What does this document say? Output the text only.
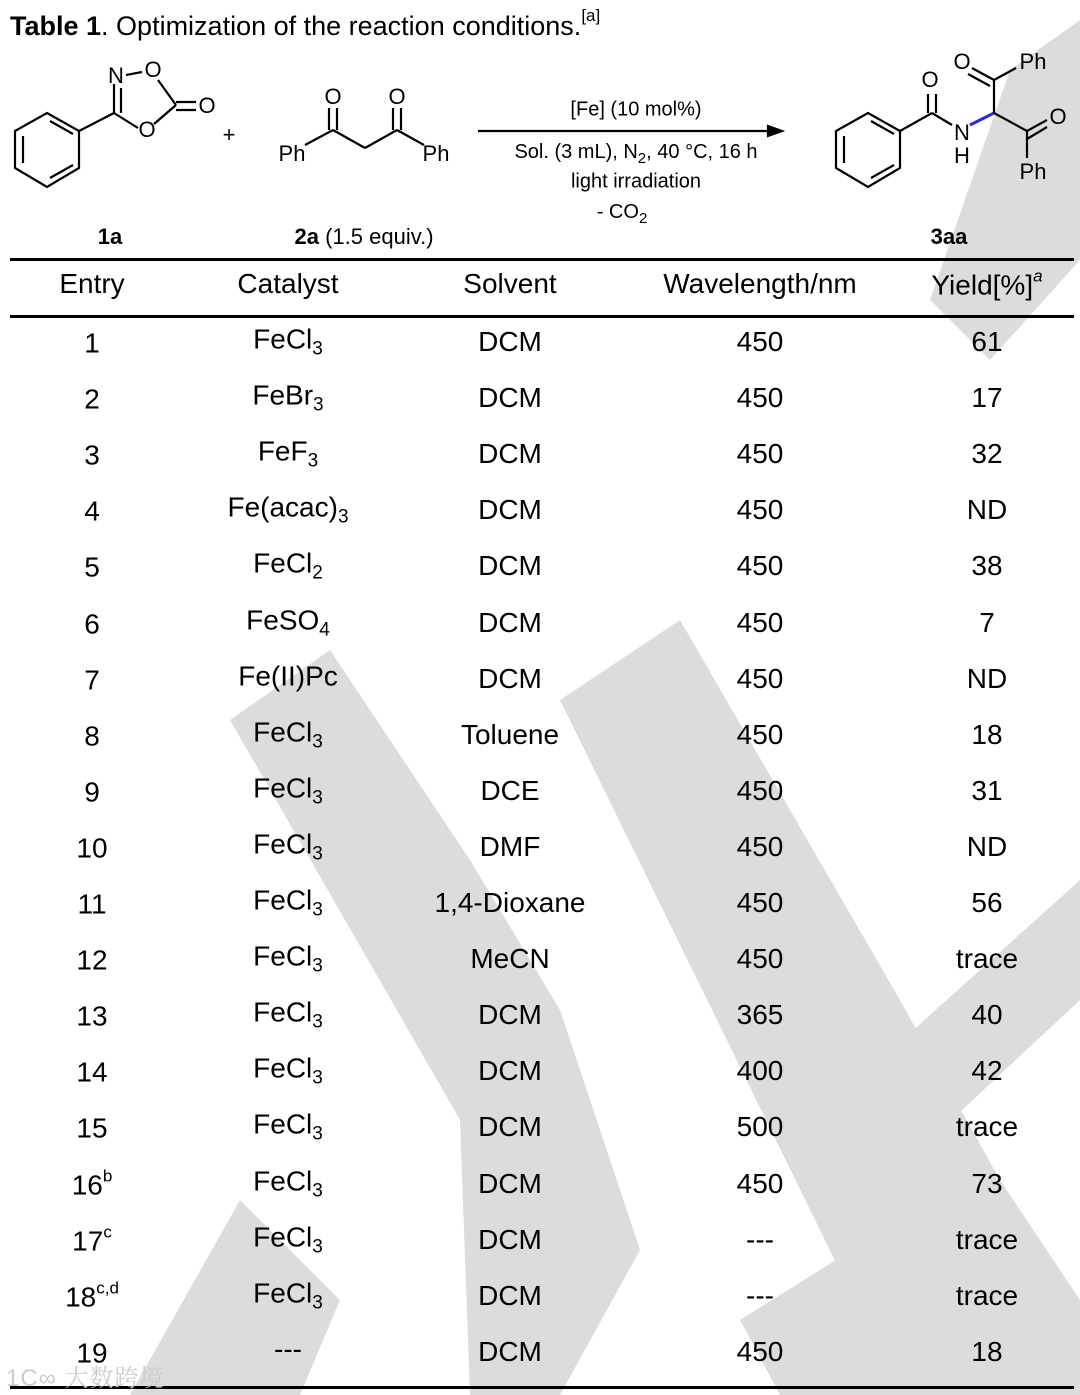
Table 1. Optimization of the reaction conditions.[a]
N O
O
O
+
O O
Ph	Ph
[Fe] (10 mol%)
Sol. (3 mL), $N_2$, 40 °C, 16 h
light irradiation
- $CO_2$
O
N
H
O Ph
O
Ph
1a	2a (1.5 equiv.)	3aa
Entry	Catalyst	Solvent	Wavelength/nm	Yield[%]$^a$
1	FeCl$_3$	DCM	450	61
2	FeBr$_3$	DCM	450	17
3	FeF$_3$	DCM	450	32
4	$Fe(acac)_3$	DCM	450	ND
5	FeCl$_2$	DCM	450	38
6	FeSO$_4$	DCM	450	7
7	Fe(II)Pc	DCM	450	ND
8	FeCl$_3$	Toluene	450	18
9	FeCl$_3$	DCE	450	31
10	FeCl$_3$	DMF	450	ND
11	FeCl$_3$	1,4-Dioxane	450	56
12	FeCl$_3$	MeCN	450	trace
13	FeCl$_3$	DCM	365	40
14	FeCl$_3$	DCM	400	42
15	FeCl$_3$	DCM	500	trace
16$^b$	FeCl$_3$	DCM	450	73
17$^c$	FeCl$_3$	DCM	---	trace
18$^{c,d}$	FeCl$_3$	DCM	---	trace
19	---	DCM	450	18
1C∞ 大数跨境
